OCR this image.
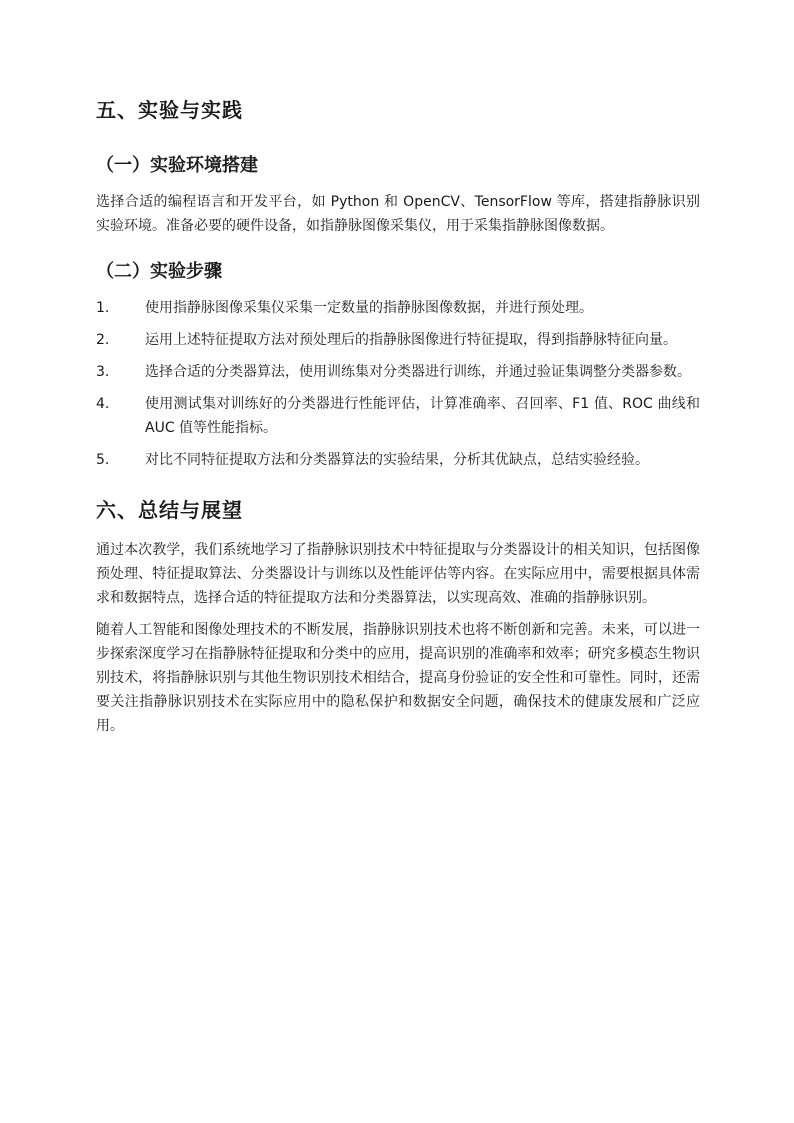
五、实验与实践
（一）实验环境搭建

选择合适的编程语言和开发平台，如 Python 和 OpenCV、TensorFlow 等库，搭建指静脉识别实验环境。准备必要的硬件设备，如指静脉图像采集仪，用于采集指静脉图像数据。

（二）实验步骤
1.	使用指静脉图像采集仪采集一定数量的指静脉图像数据，并进行预处理。
2.	运用上述特征提取方法对预处理后的指静脉图像进行特征提取，得到指静脉特征向量。
3.	选择合适的分类器算法，使用训练集对分类器进行训练，并通过验证集调整分类器参数。
4.	使用测试集对训练好的分类器进行性能评估，计算准确率、召回率、F1 值、ROC 曲线和 AUC 值等性能指标。
5.	对比不同特征提取方法和分类器算法的实验结果，分析其优缺点，总结实验经验。
六、总结与展望

通过本次教学，我们系统地学习了指静脉识别技术中特征提取与分类器设计的相关知识，包括图像预处理、特征提取算法、分类器设计与训练以及性能评估等内容。在实际应用中，需要根据具体需求和数据特点，选择合适的特征提取方法和分类器算法，以实现高效、准确的指静脉识别。

随着人工智能和图像处理技术的不断发展，指静脉识别技术也将不断创新和完善。未来，可以进一步探索深度学习在指静脉特征提取和分类中的应用，提高识别的准确率和效率；研究多模态生物识别技术，将指静脉识别与其他生物识别技术相结合，提高身份验证的安全性和可靠性。同时，还需要关注指静脉识别技术在实际应用中的隐私保护和数据安全问题，确保技术的健康发展和广泛应用。
